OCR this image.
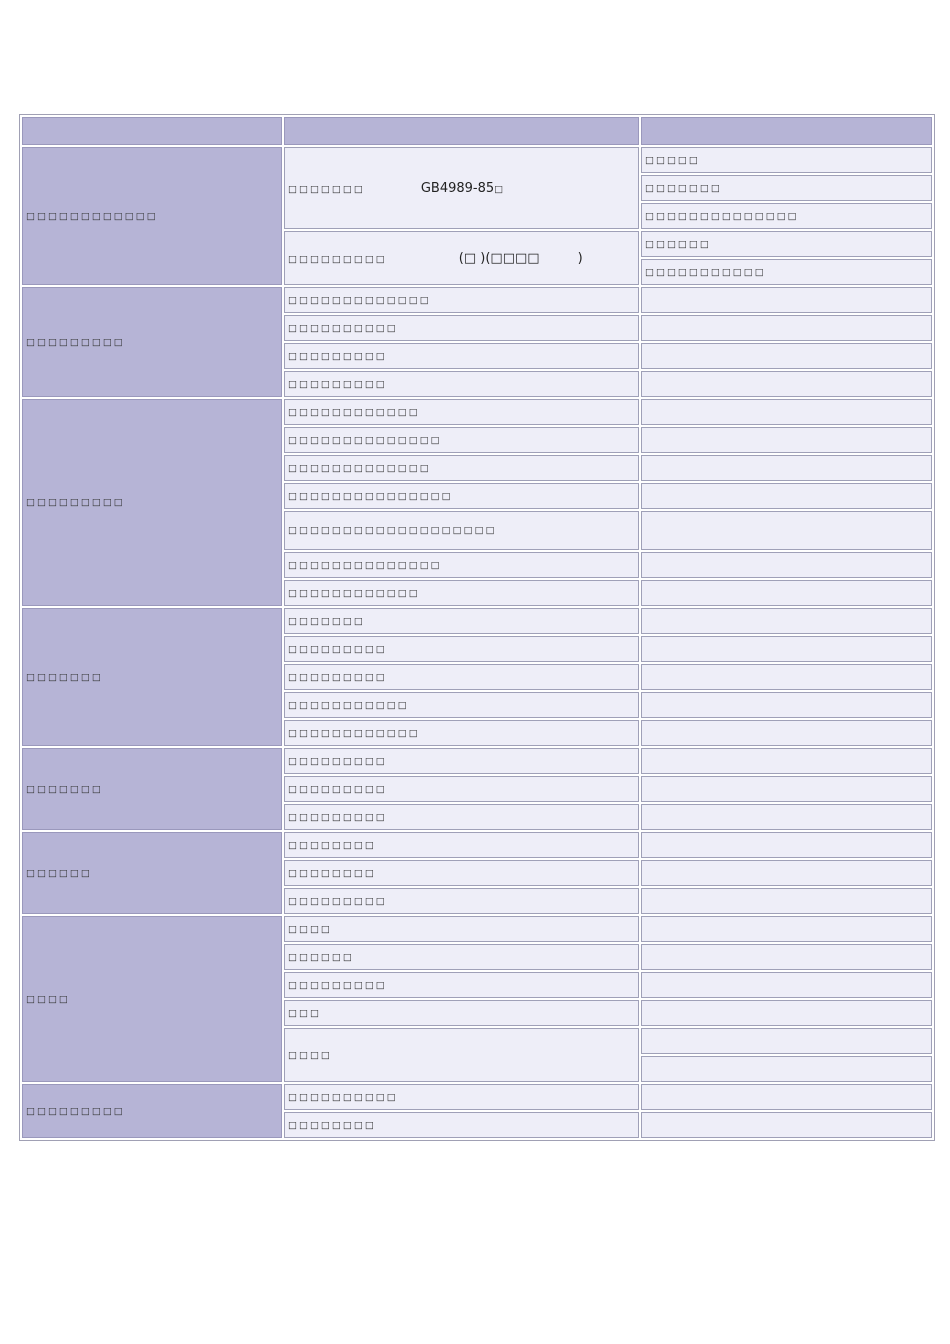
□□□□□□□□□□□□	□□□□□□□ GB4989-85□	□□□□□
		□□□□□□□
		□□□□□□□□□□□□□□
	□□□□□□□□□ (□ )(□□□□ )	□□□□□□
		□□□□□□□□□□□
□□□□□□□□□	□□□□□□□□□□□□□	
	□□□□□□□□□□	
	□□□□□□□□□	
	□□□□□□□□□	
□□□□□□□□□	□□□□□□□□□□□□	
	□□□□□□□□□□□□□□	
	□□□□□□□□□□□□□	
	□□□□□□□□□□□□□□□	
	□□□□□□□□□□□□□□□□□□□	
	□□□□□□□□□□□□□□	
	□□□□□□□□□□□□	
□□□□□□□	□□□□□□□	
	□□□□□□□□□	
	□□□□□□□□□	
	□□□□□□□□□□□	
	□□□□□□□□□□□□	
□□□□□□□	□□□□□□□□□	
	□□□□□□□□□	
	□□□□□□□□□	
□□□□□□	□□□□□□□□	
	□□□□□□□□	
	□□□□□□□□□	
□□□□	□□□□	
	□□□□□□	
	□□□□□□□□□	
	□□□	
	□□□□	

□□□□□□□□□	□□□□□□□□□□	
	□□□□□□□□	
